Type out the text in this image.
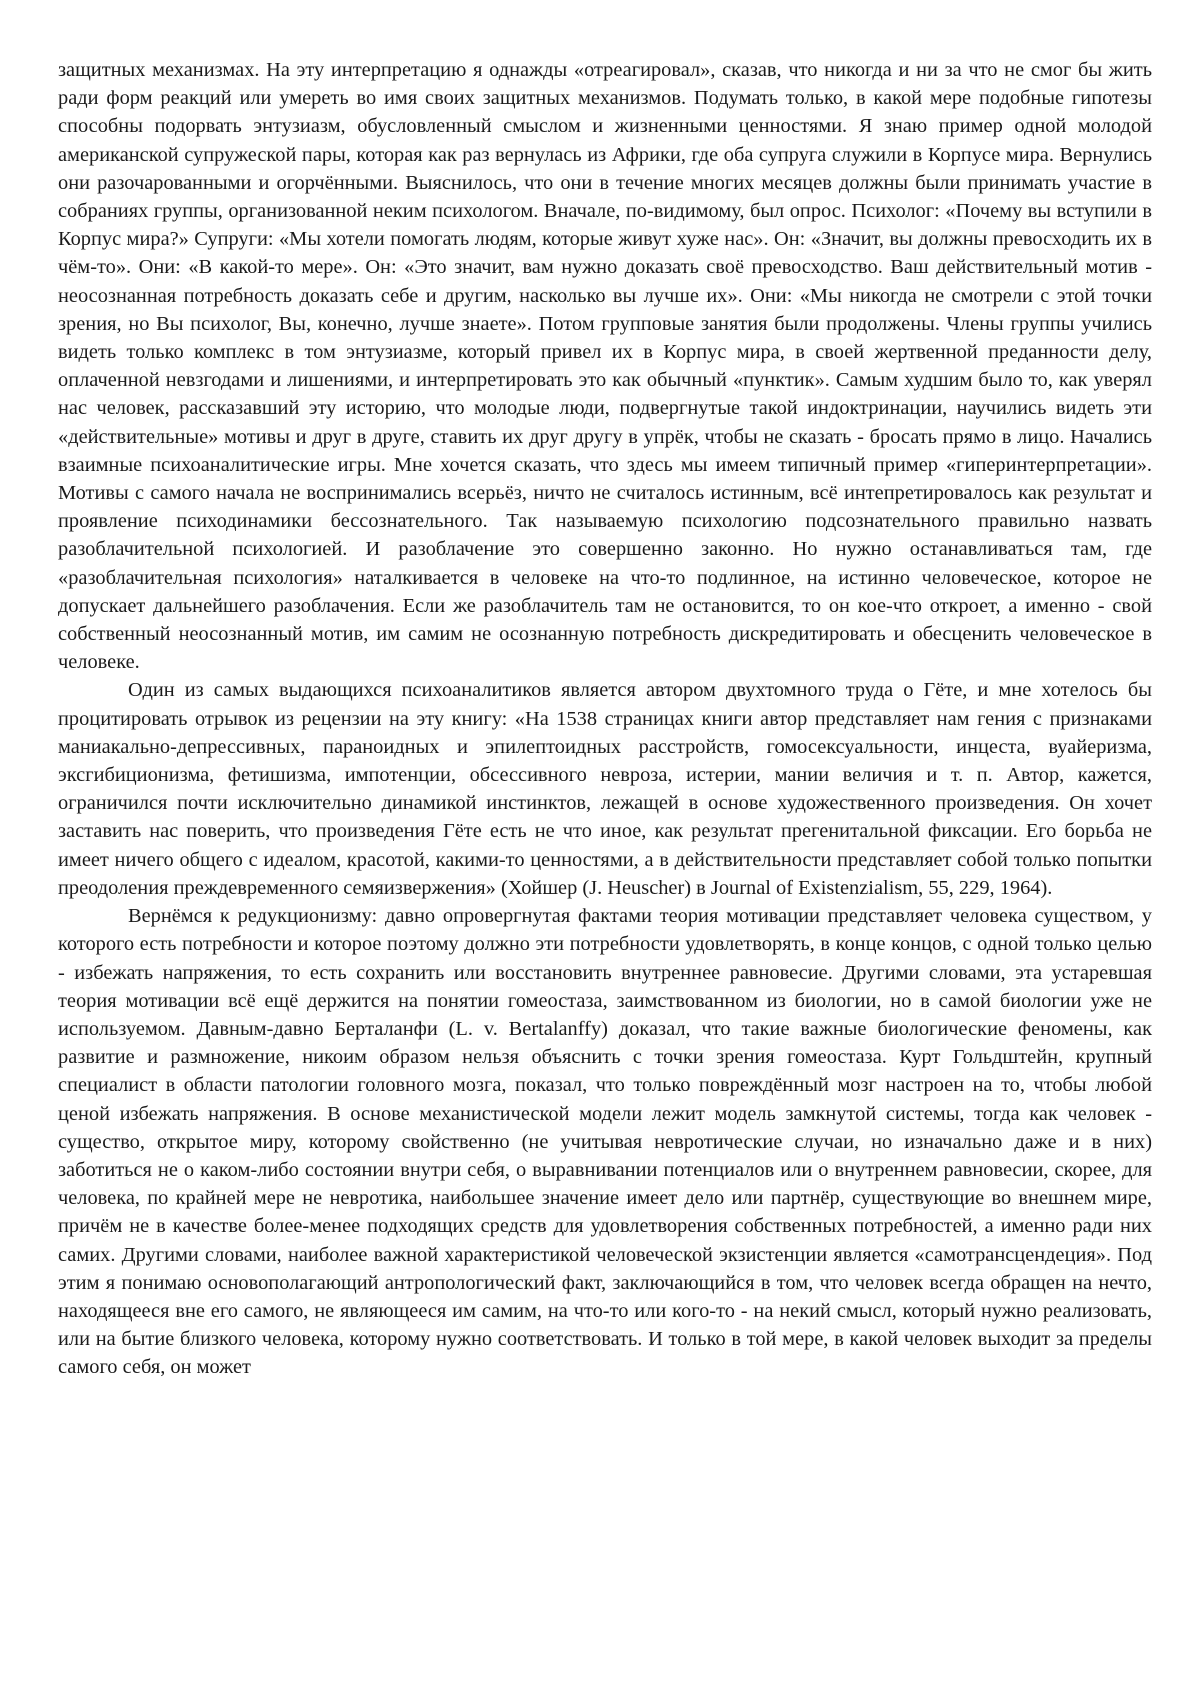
защитных механизмах. На эту интерпретацию я однажды «отреагировал», сказав, что никогда и ни за что не смог бы жить ради форм реакций или умереть во имя своих защитных механизмов. Подумать только, в какой мере подобные гипотезы способны подорвать энтузиазм, обусловленный смыслом и жизненными ценностями. Я знаю пример одной молодой американской супружеской пары, которая как раз вернулась из Африки, где оба супруга служили в Корпусе мира. Вернулись они разочарованными и огорчёнными. Выяснилось, что они в течение многих месяцев должны были принимать участие в собраниях группы, организованной неким психологом. Вначале, по-видимому, был опрос. Психолог: «Почему вы вступили в Корпус мира?» Супруги: «Мы хотели помогать людям, которые живут хуже нас». Он: «Значит, вы должны превосходить их в чём-то». Они: «В какой-то мере». Он: «Это значит, вам нужно доказать своё превосходство. Ваш действительный мотив - неосознанная потребность доказать себе и другим, насколько вы лучше их». Они: «Мы никогда не смотрели с этой точки зрения, но Вы психолог, Вы, конечно, лучше знаете». Потом групповые занятия были продолжены. Члены группы учились видеть только комплекс в том энтузиазме, который привел их в Корпус мира, в своей жертвенной преданности делу, оплаченной невзгодами и лишениями, и интерпретировать это как обычный «пунктик». Самым худшим было то, как уверял нас человек, рассказавший эту историю, что молодые люди, подвергнутые такой индоктринации, научились видеть эти «действительные» мотивы и друг в друге, ставить их друг другу в упрёк, чтобы не сказать - бросать прямо в лицо. Начались взаимные психоаналитические игры. Мне хочется сказать, что здесь мы имеем типичный пример «гиперинтерпретации». Мотивы с самого начала не воспринимались всерьёз, ничто не считалось истинным, всё интепретировалось как результат и проявление психодинамики бессознательного. Так называемую психологию подсознательного правильно назвать разоблачительной психологией. И разоблачение это совершенно законно. Но нужно останавливаться там, где «разоблачительная психология» наталкивается в человеке на что-то подлинное, на истинно человеческое, которое не допускает дальнейшего разоблачения. Если же разоблачитель там не остановится, то он кое-что откроет, а именно - свой собственный неосознанный мотив, им самим не осознанную потребность дискредитировать и обесценить человеческое в человеке.

Один из самых выдающихся психоаналитиков является автором двухтомного труда о Гёте, и мне хотелось бы процитировать отрывок из рецензии на эту книгу: «На 1538 страницах книги автор представляет нам гения с признаками маниакально-депрессивных, параноидных и эпилептоидных расстройств, гомосексуальности, инцеста, вуайеризма, эксгибиционизма, фетишизма, импотенции, обсессивного невроза, истерии, мании величия и т. п. Автор, кажется, ограничился почти исключительно динамикой инстинктов, лежащей в основе художественного произведения. Он хочет заставить нас поверить, что произведения Гёте есть не что иное, как результат прегенитальной фиксации. Его борьба не имеет ничего общего с идеалом, красотой, какими-то ценностями, а в действительности представляет собой только попытки преодоления преждевременного семяизвержения» (Хойшер (J. Heuscher) в Journal of Existenzialism, 55, 229, 1964).

Вернёмся к редукционизму: давно опровергнутая фактами теория мотивации представляет человека существом, у которого есть потребности и которое поэтому должно эти потребности удовлетворять, в конце концов, с одной только целью - избежать напряжения, то есть сохранить или восстановить внутреннее равновесие. Другими словами, эта устаревшая теория мотивации всё ещё держится на понятии гомеостаза, заимствованном из биологии, но в самой биологии уже не используемом. Давным-давно Берталанфи (L. v. Bertalanffy) доказал, что такие важные биологические феномены, как развитие и размножение, никоим образом нельзя объяснить с точки зрения гомеостаза. Курт Гольдштейн, крупный специалист в области патологии головного мозга, показал, что только повреждённый мозг настроен на то, чтобы любой ценой избежать напряжения. В основе механистической модели лежит модель замкнутой системы, тогда как человек - существо, открытое миру, которому свойственно (не учитывая невротические случаи, но изначально даже и в них) заботиться не о каком-либо состоянии внутри себя, о выравнивании потенциалов или о внутреннем равновесии, скорее, для человека, по крайней мере не невротика, наибольшее значение имеет дело или партнёр, существующие во внешнем мире, причём не в качестве более-менее подходящих средств для удовлетворения собственных потребностей, а именно ради них самих. Другими словами, наиболее важной характеристикой человеческой экзистенции является «самотрансцендеция». Под этим я понимаю основополагающий антропологический факт, заключающийся в том, что человек всегда обращен на нечто, находящееся вне его самого, не являющееся им самим, на что-то или кого-то - на некий смысл, который нужно реализовать, или на бытие близкого человека, которому нужно соответствовать. И только в той мере, в какой человек выходит за пределы самого себя, он может
